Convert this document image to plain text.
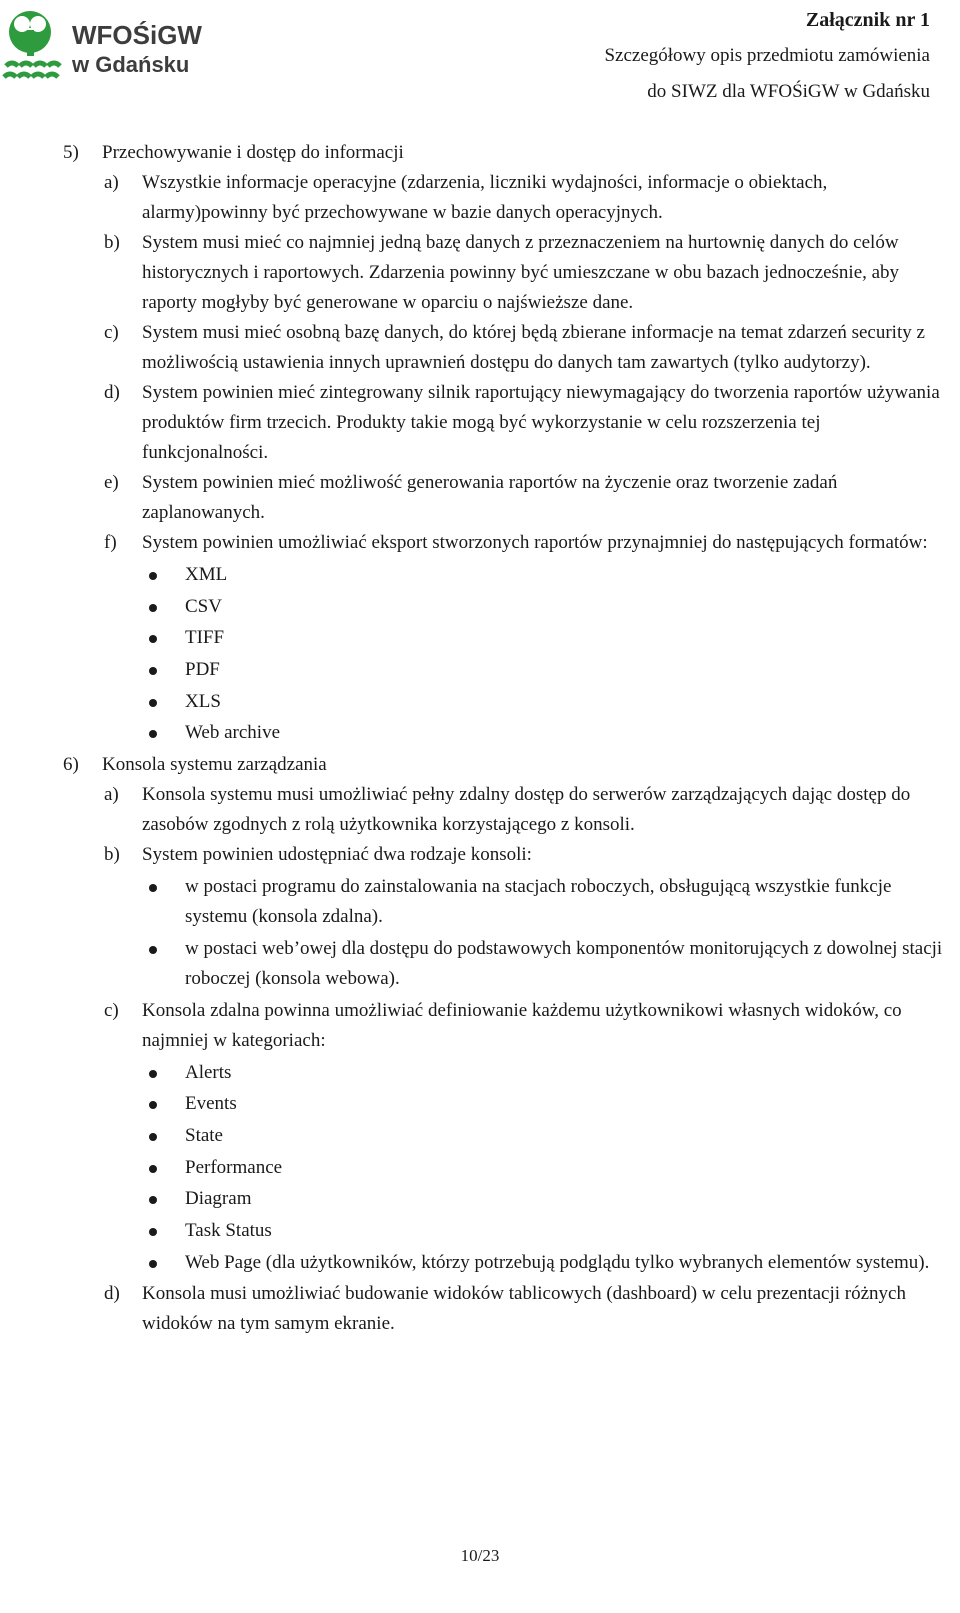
WFOŚiGW
w Gdańsku
Załącznik nr 1
Szczegółowy opis przedmiotu zamówienia
do SIWZ dla WFOŚiGW w Gdańsku
5) Przechowywanie i dostęp do informacji
a) Wszystkie informacje operacyjne (zdarzenia, liczniki wydajności, informacje o obiektach, alarmy)powinny być przechowywane w bazie danych operacyjnych.
b) System musi mieć co najmniej jedną bazę danych z przeznaczeniem na hurtownię danych do celów historycznych i raportowych. Zdarzenia powinny być umieszczane w obu bazach jednocześnie, aby raporty mogłyby być generowane w oparciu o najświeższe dane.
c) System musi mieć osobną bazę danych, do której będą zbierane informacje na temat zdarzeń security z możliwością ustawienia innych uprawnień dostępu do danych tam zawartych (tylko audytorzy).
d) System powinien mieć zintegrowany silnik raportujący niewymagający do tworzenia raportów używania produktów firm trzecich. Produkty takie mogą być wykorzystanie w celu rozszerzenia tej funkcjonalności.
e) System powinien mieć możliwość generowania raportów na życzenie oraz tworzenie zadań zaplanowanych.
f) System powinien umożliwiać eksport stworzonych raportów przynajmniej do następujących formatów:
XML
CSV
TIFF
PDF
XLS
Web archive
6) Konsola systemu zarządzania
a) Konsola systemu musi umożliwiać pełny zdalny dostęp do serwerów zarządzających dając dostęp do zasobów zgodnych z rolą użytkownika korzystającego z konsoli.
b) System powinien udostępniać dwa rodzaje konsoli:
w postaci programu do zainstalowania na stacjach roboczych, obsługującą wszystkie funkcje systemu (konsola zdalna).
w postaci web’owej dla dostępu do podstawowych komponentów monitorujących z dowolnej stacji roboczej (konsola webowa).
c) Konsola zdalna powinna umożliwiać definiowanie każdemu użytkownikowi własnych widoków, co najmniej w kategoriach:
Alerts
Events
State
Performance
Diagram
Task Status
Web Page (dla użytkowników, którzy potrzebują podglądu tylko wybranych elementów systemu).
d) Konsola musi umożliwiać budowanie widoków tablicowych (dashboard) w celu prezentacji różnych widoków na tym samym ekranie.
10/23
